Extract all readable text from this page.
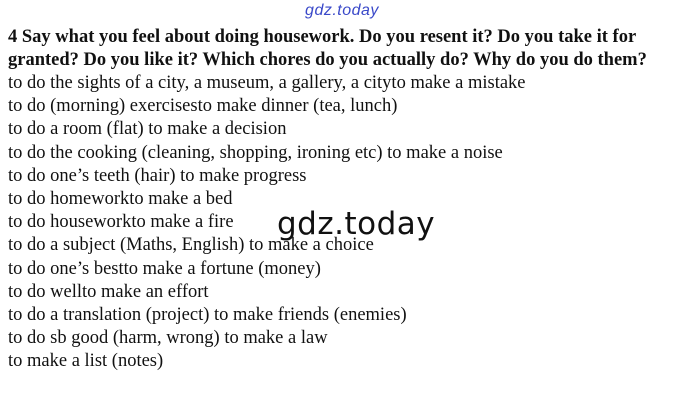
gdz.today

4 Say what you feel about doing housework. Do you resent it? Do you take it for granted? Do you like it? Which chores do you actually do? Why do you do them?

to do the sights of a city, a museum, a gallery, a cityto make a mistake
to do (morning) exercisesto make dinner (tea, lunch)
to do a room (flat) to make a decision
to do the cooking (cleaning, shopping, ironing etc) to make a noise
to do one’s teeth (hair) to make progress
to do homeworkto make a bed
to do houseworkto make a fire
to do a subject (Maths, English) to make a choice
to do one’s bestto make a fortune (money)
to do wellto make an effort
to do a translation (project) to make friends (enemies)
to do sb good (harm, wrong) to make a law
to make a list (notes)
gdz.today
